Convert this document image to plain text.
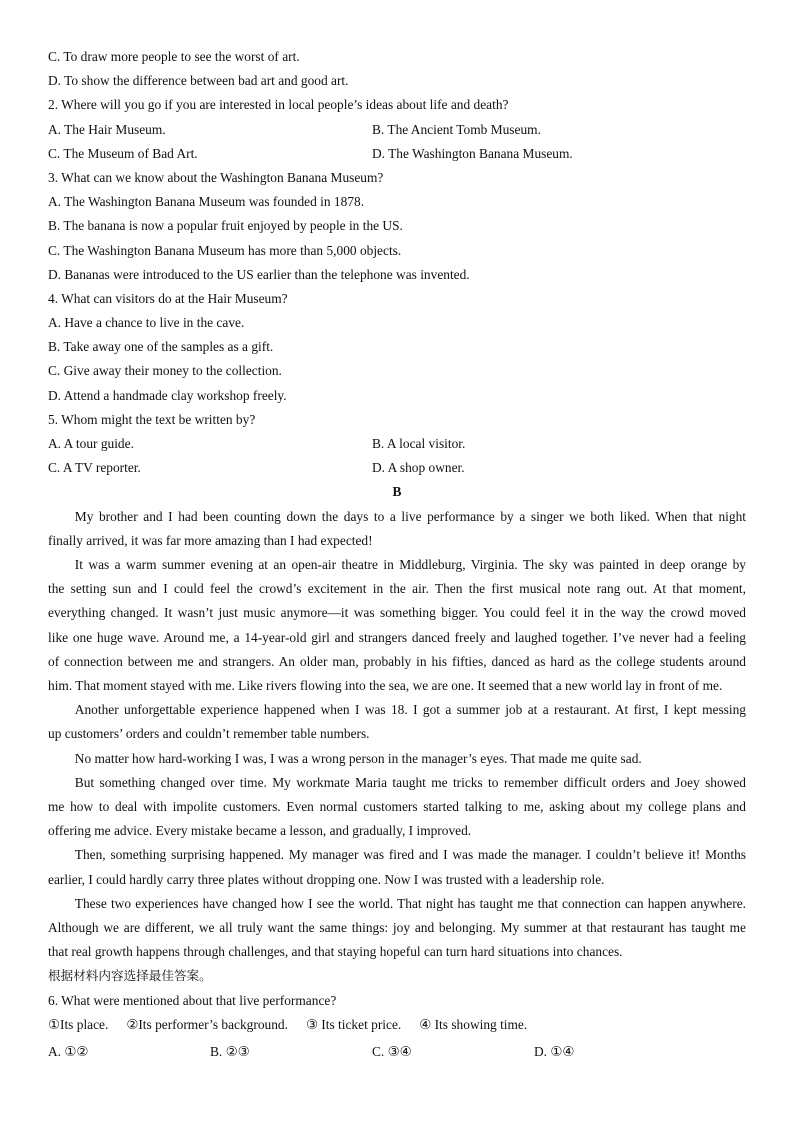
C. To draw more people to see the worst of art.
D. To show the difference between bad art and good art.
2. Where will you go if you are interested in local people’s ideas about life and death?
A. The Hair Museum.	B. The Ancient Tomb Museum.
C. The Museum of Bad Art.	D. The Washington Banana Museum.
3. What can we know about the Washington Banana Museum?
A. The Washington Banana Museum was founded in 1878.
B. The banana is now a popular fruit enjoyed by people in the US.
C. The Washington Banana Museum has more than 5,000 objects.
D. Bananas were introduced to the US earlier than the telephone was invented.
4. What can visitors do at the Hair Museum?
A. Have a chance to live in the cave.
B. Take away one of the samples as a gift.
C. Give away their money to the collection.
D. Attend a handmade clay workshop freely.
5. Whom might the text be written by?
A. A tour guide.	B. A local visitor.
C. A TV reporter.	D. A shop owner.
B
My brother and I had been counting down the days to a live performance by a singer we both liked. When that night
finally arrived, it was far more amazing than I had expected!
It was a warm summer evening at an open-air theatre in Middleburg, Virginia. The sky was painted in deep orange by
the setting sun and I could feel the crowd’s excitement in the air. Then the first musical note rang out. At that moment,
everything changed. It wasn’t just music anymore—it was something bigger. You could feel it in the way the crowd moved
like one huge wave. Around me, a 14-year-old girl and strangers danced freely and laughed together. I’ve never had a feeling
of connection between me and strangers. An older man, probably in his fifties, danced as hard as the college students around
him. That moment stayed with me. Like rivers flowing into the sea, we are one. It seemed that a new world lay in front of me.
Another unforgettable experience happened when I was 18. I got a summer job at a restaurant. At first, I kept messing
up customers’ orders and couldn’t remember table numbers.
No matter how hard-working I was, I was a wrong person in the manager’s eyes. That made me quite sad.
But something changed over time. My workmate Maria taught me tricks to remember difficult orders and Joey showed
me how to deal with impolite customers. Even normal customers started talking to me, asking about my college plans and
offering me advice. Every mistake became a lesson, and gradually, I improved.
Then, something surprising happened. My manager was fired and I was made the manager. I couldn’t believe it! Months
earlier, I could hardly carry three plates without dropping one. Now I was trusted with a leadership role.
These two experiences have changed how I see the world. That night has taught me that connection can happen anywhere.
Although we are different, we all truly want the same things: joy and belonging. My summer at that restaurant has taught me
that real growth happens through challenges, and that staying hopeful can turn hard situations into chances.
根据材料内容选择最佳答案。
6. What were mentioned about that live performance?
①Its place. ②Its performer’s background. ③ Its ticket price. ④ Its showing time.
A. ①②	B. ②③	C. ③④	D. ①④
